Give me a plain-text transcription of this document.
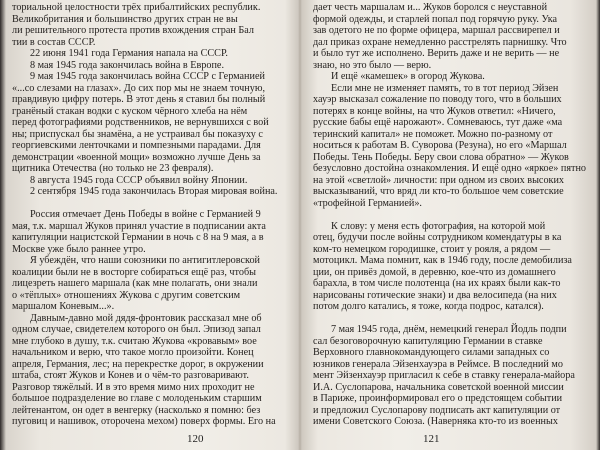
ториальной целостности трёх прибалтийских республик.
Великобритания и большинство других стран не вы
ли решительного протеста против вхождения стран Бал
тии в состав СССР.
22 июня 1941 года Германия напала на СССР.
8 мая 1945 года закончилась война в Европе.
9 мая 1945 года закончилась война СССР с Германией
«...со слезами на глазах». До сих пор мы не знаем точную,
правдивую цифру потерь. В этот день я ставил бы полный
гранёный стакан водки с куском чёрного хлеба на нём
перед фотографиями родственников, не вернувшихся с вой
ны; приспускал бы знамёна, а не устраивал бы показуху с
георгиевскими ленточками и помпезными парадами. Для
демонстрации «военной мощи» возможно лучше День за
щитника Отечества (но только не 23 февраля).
8 августа 1945 года СССР объявил войну Японии.
2 сентября 1945 года закончилась Вторая мировая война.
Россия отмечает День Победы в войне с Германией 9
мая, т.к. маршал Жуков принял участие в подписании акта
капитуляции нацистской Германии в ночь с 8 на 9 мая, а в
Москве уже было раннее утро.
Я убеждён, что наши союзники по антигитлеровской
коалиции были не в восторге собираться ещё раз, чтобы
лицезреть нашего маршала (как мне полагать, они знали
о «тёплых» отношениях Жукова с другим советским
маршалом Коневым...».
Давным-давно мой дядя-фронтовик рассказал мне об
одном случае, свидетелем которого он был. Эпизод запал
мне глубоко в душу, т.к. считаю Жукова «кровавым» вое
начальником и верю, что такое могло произойти. Конец
апреля, Германия, лес; на перекрестке дорог, в окружении
штаба, стоят Жуков и Конев и о чём-то разговаривают.
Разговор тяжёлый. И в это время мимо них проходит не
большое подразделение во главе с молоденьким старшим
лейтенантом, он одет в венгерку (насколько я помню: без
пуговиц и нашивок, оторочена мехом) поверх формы. Его на
дает честь маршалам и... Жуков боролся с неуставной
формой одежды, и старлей попал под горячую руку. Ука
зав одетого не по форме офицера, маршал рассвирепел и
дал приказ охране немедленно расстрелять парнишку. Что
и было тут же исполнено. Верить даже и не верить — не
знаю, но это было — верю.
И ещё «камешек» в огород Жукова.
Если мне не изменяет память, то в тот период Эйзен
хауэр высказал сожаление по поводу того, что в больших
потерях в конце войны, на что Жуков ответил: «Ничего,
русские бабы ещё нарожают». Сомневаюсь, тут даже «ма
теринский капитал» не поможет. Можно по-разному от
носиться к работам В. Суворова (Резуна), но его «Маршал
Победы. Тень Победы. Беру свои слова обратно» — Жуков
безусловно достойна ознакомления. И ещё одно «яркое» пятно
на этой «светлой» личности: при одном из своих высоких
высказываний, что вряд ли кто-то большое чем советские
«трофейной Германией».
К слову: у меня есть фотография, на которой мой
отец, будучи после войны сотрудником комендатуры в ка
ком-то немецком городишке, стоит у рояля, а рядом —
мотоцикл. Мама помнит, как в 1946 году, после демобилиза
ции, он привёз домой, в деревню, кое-что из домашнего
барахла, в том числе полотенца (на их краях были как-то
нарисованы готические знаки) и два велосипеда (на них
потом долго катались, я тоже, когда подрос, катался).
7 мая 1945 года, днём, немецкий генерал Йодль подпи
сал безоговорочную капитуляцию Германии в ставке
Верховного главнокомандующего силами западных со
юзников генерала Эйзенхауэра в Реймсе. В последний мо
мент Эйзенхауэр пригласил к себе в ставку генерала-майора
И.А. Суслопарова, начальника советской военной миссии
в Париже, проинформировал его о предстоящем событии
и предложил Суслопарову подписать акт капитуляции от
имени Советского Союза. (Наверняка кто-то из военных
120	121
